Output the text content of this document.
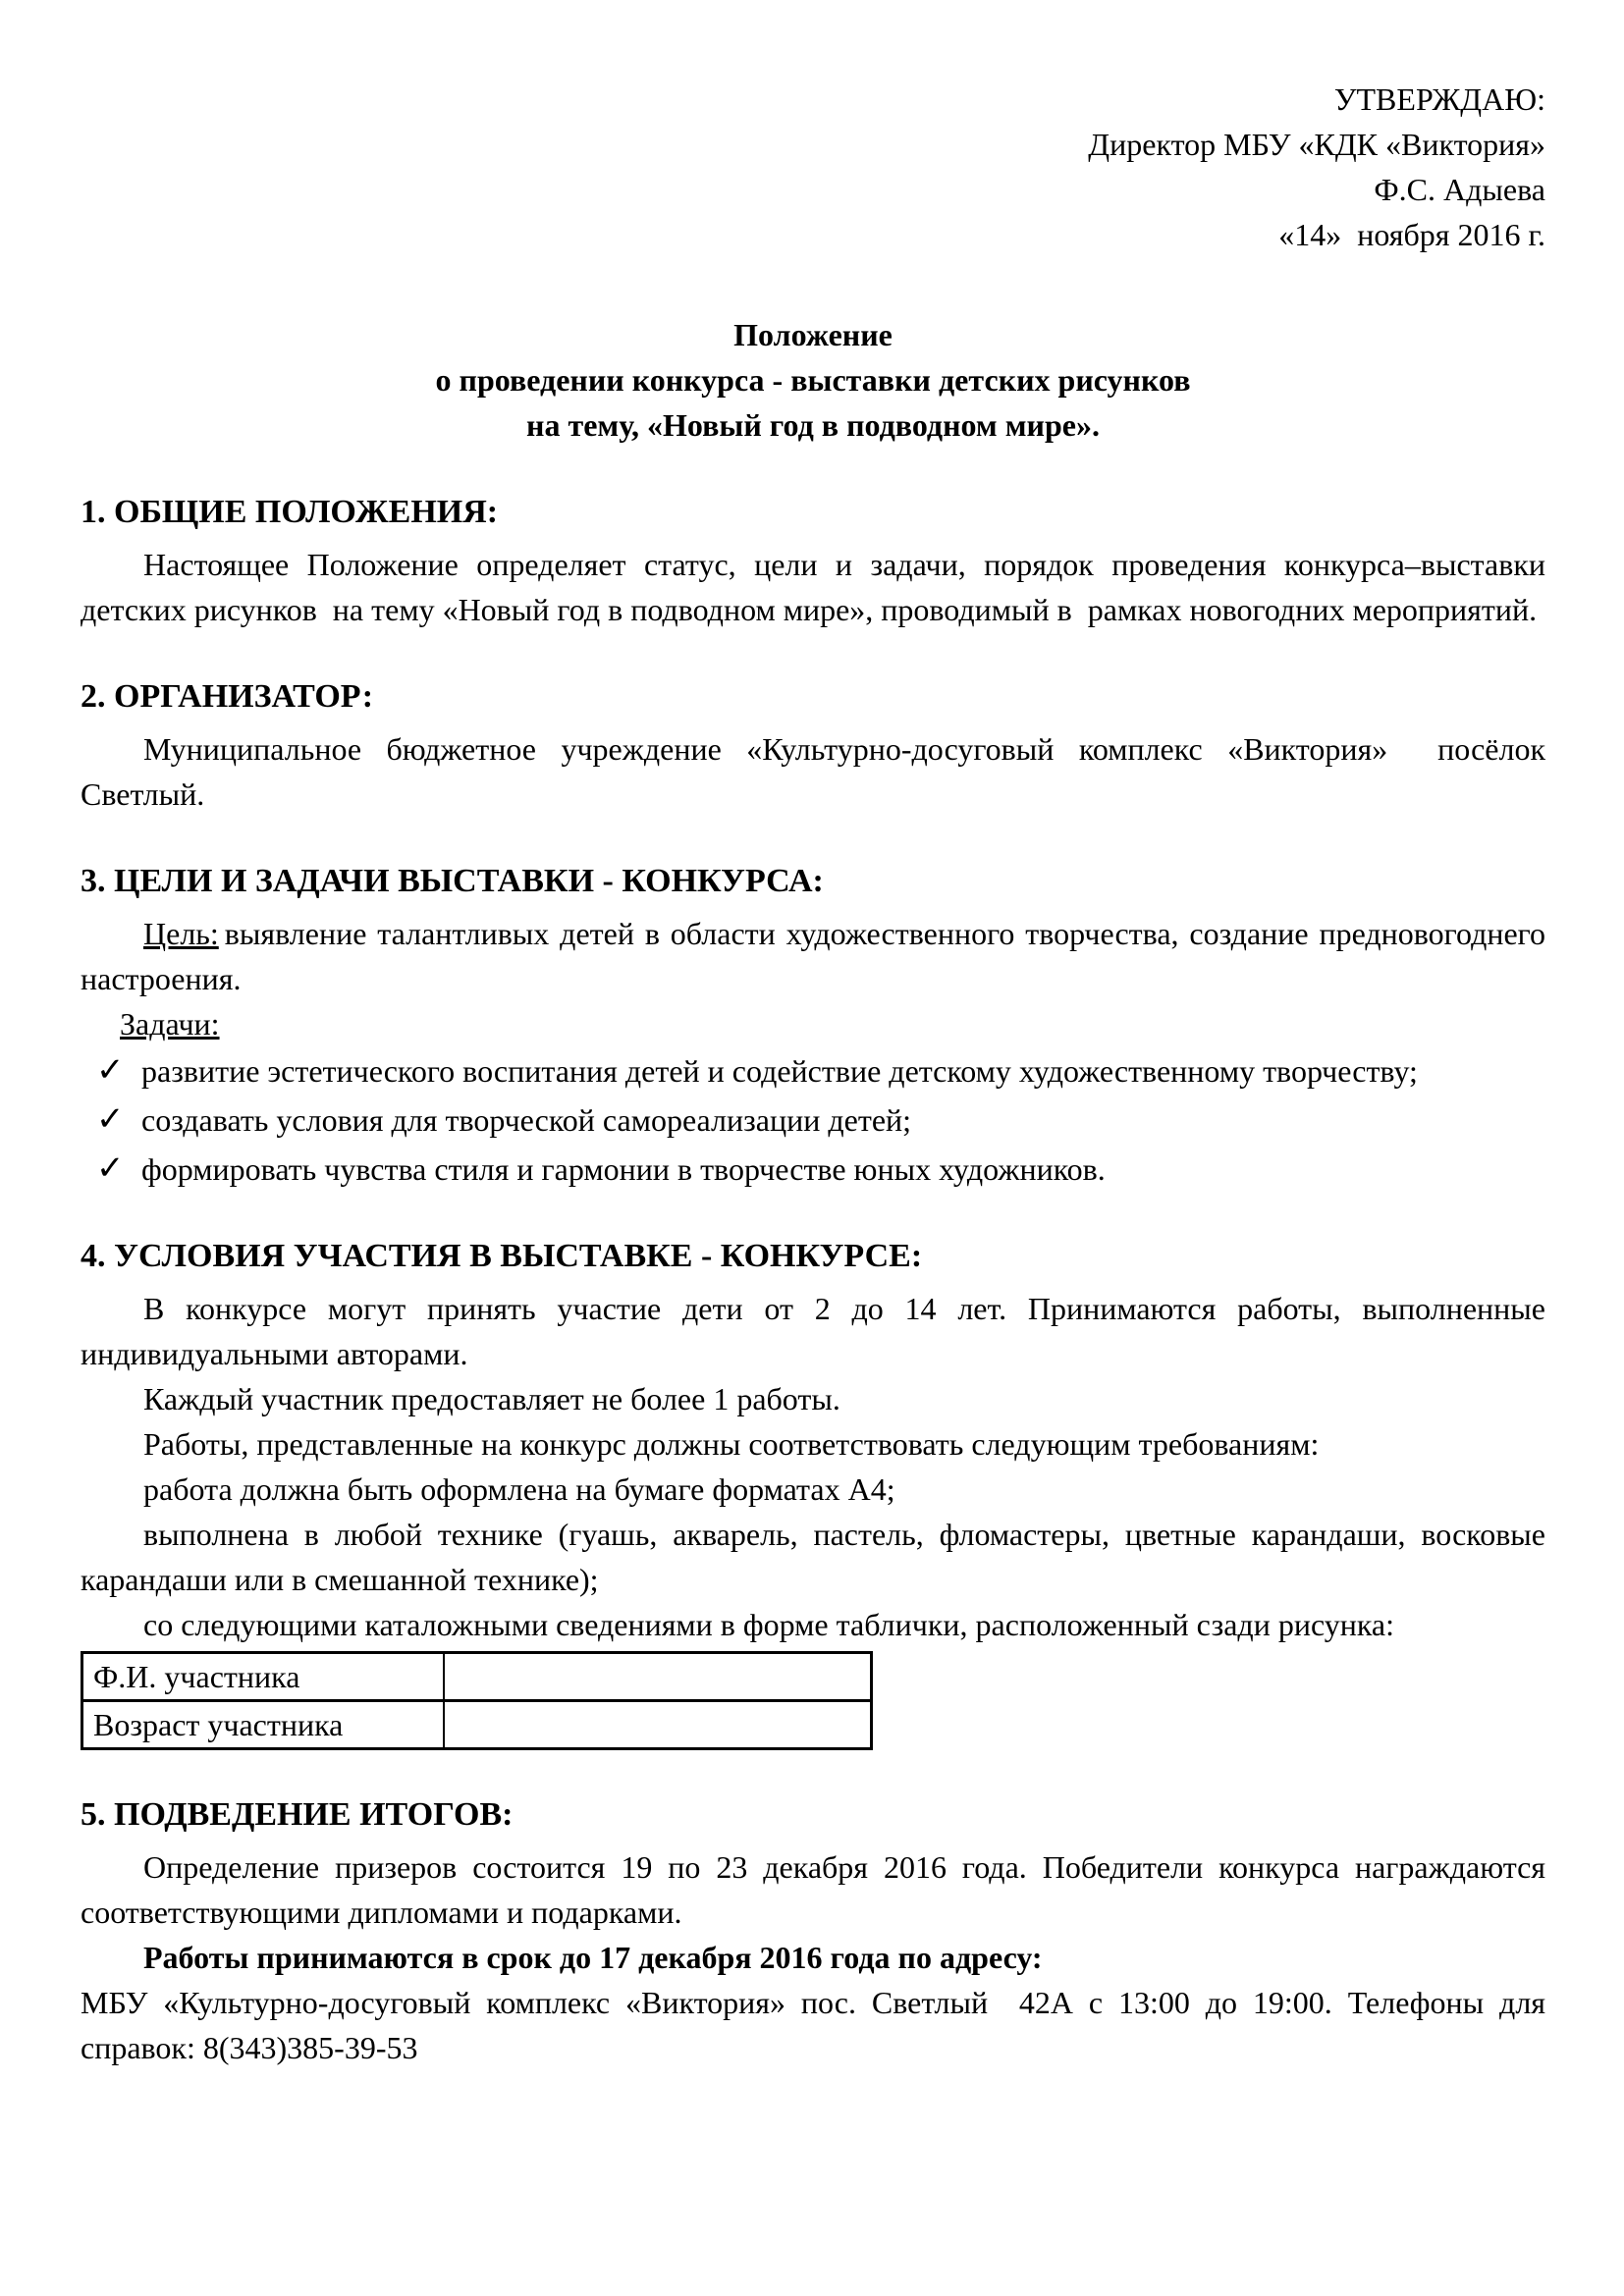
УТВЕРЖДАЮ:
Директор МБУ «КДК «Виктория»
Ф.С. Адыева
«14»  ноября 2016 г.
Положение
о проведении конкурса - выставки детских рисунков
на тему, «Новый год в подводном мире».
1. ОБЩИЕ ПОЛОЖЕНИЯ:

Настоящее Положение определяет статус, цели и задачи, порядок проведения конкурса–выставки детских рисунков  на тему «Новый год в подводном мире», проводимый в  рамках новогодних мероприятий.

2. ОРГАНИЗАТОР:

Муниципальное бюджетное учреждение «Культурно-досуговый комплекс «Виктория»  посёлок Светлый.

3. ЦЕЛИ И ЗАДАЧИ ВЫСТАВКИ - КОНКУРСА:

Цель: выявление талантливых детей в области художественного творчества, создание предновогоднего настроения.

Задачи:

✓ развитие эстетического воспитания детей и содействие детскому художественному творчеству;
✓ создавать условия для творческой самореализации детей;
✓ формировать чувства стиля и гармонии в творчестве юных художников.
4. УСЛОВИЯ УЧАСТИЯ В ВЫСТАВКЕ - КОНКУРСЕ:

В конкурсе могут принять участие дети от 2 до 14 лет. Принимаются работы, выполненные индивидуальными авторами.

Каждый участник предоставляет не более 1 работы.

Работы, представленные на конкурс должны соответствовать следующим требованиям:

работа должна быть оформлена на бумаге форматах А4;

выполнена в любой технике (гуашь, акварель, пастель, фломастеры, цветные карандаши, восковые карандаши или в смешанной технике);

со следующими каталожными сведениями в форме таблички, расположенный сзади рисунка:

Ф.И. участника	
Возраст участника	
5. ПОДВЕДЕНИЕ ИТОГОВ:

Определение призеров состоится 19 по 23 декабря 2016 года. Победители конкурса награждаются соответствующими дипломами и подарками.

Работы принимаются в срок до 17 декабря 2016 года по адресу:

МБУ «Культурно-досуговый комплекс «Виктория» пос. Светлый  42А с 13:00 до 19:00. Телефоны для справок: 8(343)385-39-53
